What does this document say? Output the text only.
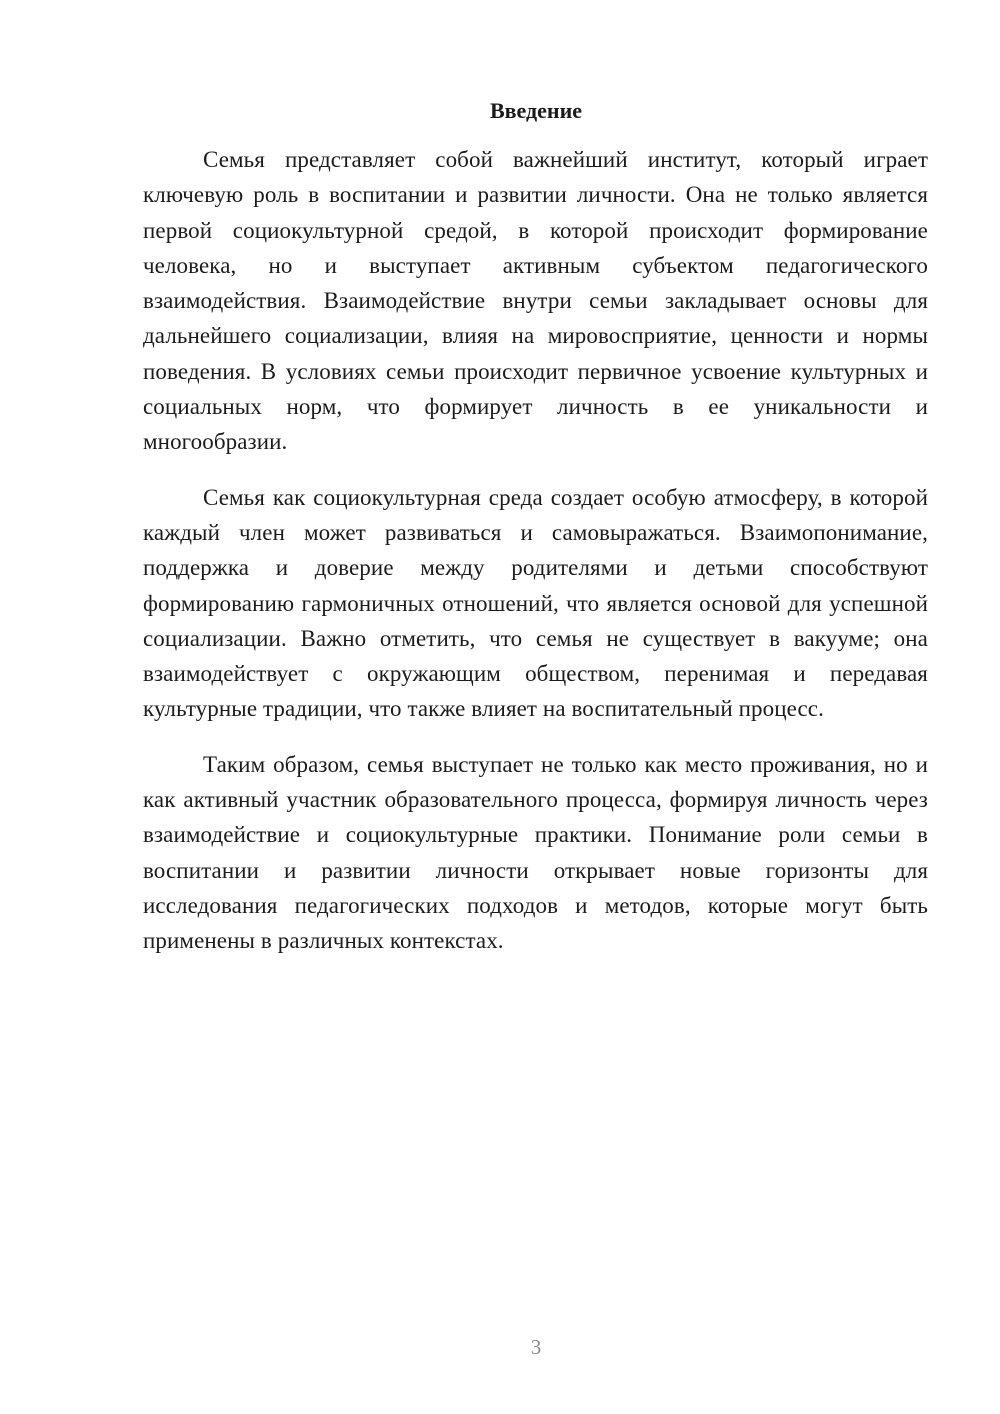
Введение

Семья представляет собой важнейший институт, который играет ключевую роль в воспитании и развитии личности. Она не только является первой социокультурной средой, в которой происходит формирование человека, но и выступает активным субъектом педагогического взаимодействия. Взаимодействие внутри семьи закладывает основы для дальнейшего социализации, влияя на мировосприятие, ценности и нормы поведения. В условиях семьи происходит первичное усвоение культурных и социальных норм, что формирует личность в ее уникальности и многообразии.

Семья как социокультурная среда создает особую атмосферу, в которой каждый член может развиваться и самовыражаться. Взаимопонимание, поддержка и доверие между родителями и детьми способствуют формированию гармоничных отношений, что является основой для успешной социализации. Важно отметить, что семья не существует в вакууме; она взаимодействует с окружающим обществом, перенимая и передавая культурные традиции, что также влияет на воспитательный процесс.

Таким образом, семья выступает не только как место проживания, но и как активный участник образовательного процесса, формируя личность через взаимодействие и социокультурные практики. Понимание роли семьи в воспитании и развитии личности открывает новые горизонты для исследования педагогических подходов и методов, которые могут быть применены в различных контекстах.

3
